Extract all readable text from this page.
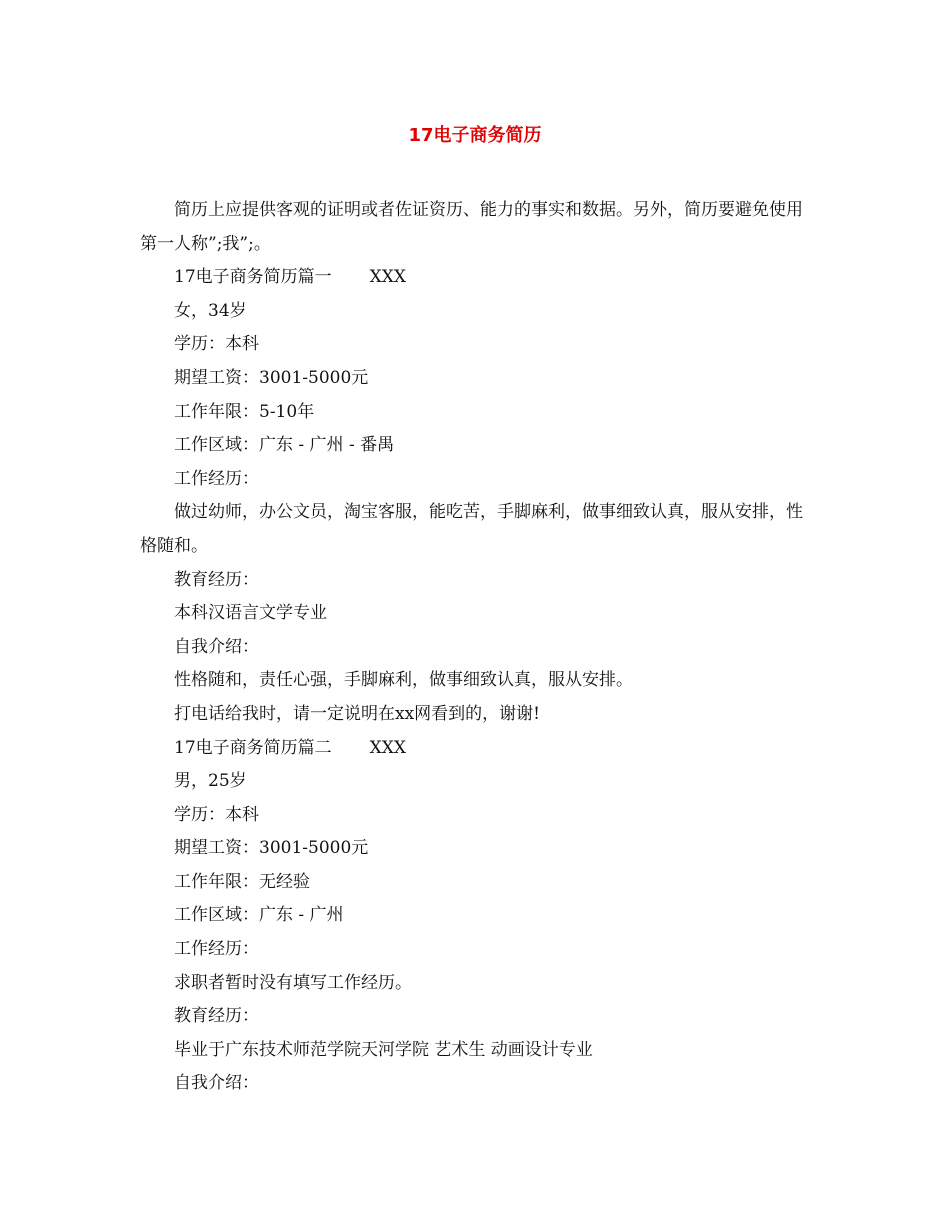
17电子商务简历

简历上应提供客观的证明或者佐证资历、能力的事实和数据。另外，简历要避免使用第一人称”;我”;。

17电子商务简历篇一 XXX

女，34岁

学历：本科

期望工资：3001-5000元

工作年限：5-10年

工作区域：广东 - 广州 - 番禺

工作经历：

做过幼师，办公文员，淘宝客服，能吃苦，手脚麻利，做事细致认真，服从安排，性格随和。

教育经历：

本科汉语言文学专业

自我介绍：

性格随和，责任心强，手脚麻利，做事细致认真，服从安排。

打电话给我时，请一定说明在xx网看到的，谢谢!

17电子商务简历篇二 XXX

男，25岁

学历：本科

期望工资：3001-5000元

工作年限：无经验

工作区域：广东 - 广州

工作经历：

求职者暂时没有填写工作经历。

教育经历：

毕业于广东技术师范学院天河学院 艺术生 动画设计专业

自我介绍：
